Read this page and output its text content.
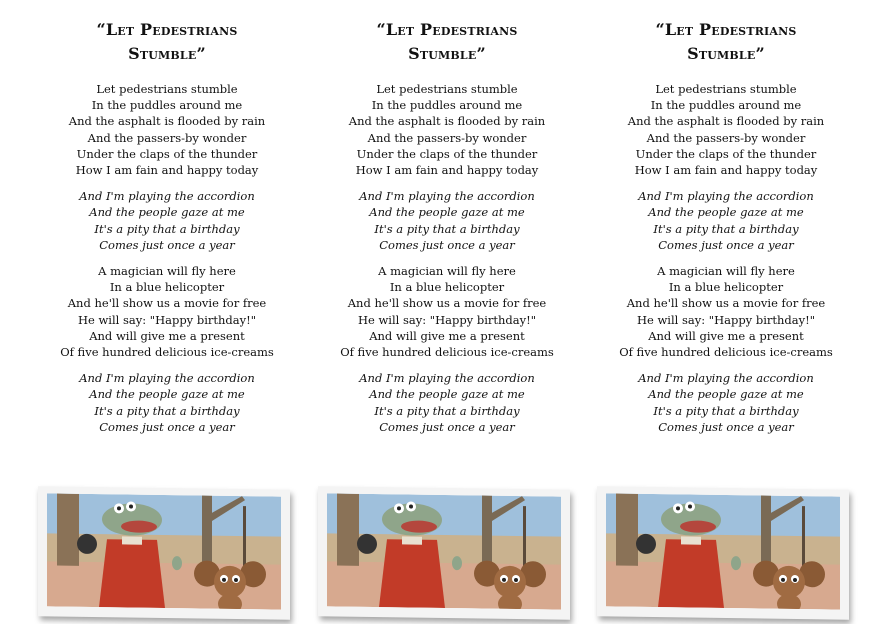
“Let Pedestrians
Stumble”
Let pedestrians stumble
In the puddles around me
And the asphalt is flooded by rain
And the passers-by wonder
Under the claps of the thunder
How I am fain and happy today
And I'm playing the accordion
And the people gaze at me
It's a pity that a birthday
Comes just once a year
A magician will fly here
In a blue helicopter
And he'll show us a movie for free
He will say: "Happy birthday!"
And will give me a present
Of five hundred delicious ice-creams
And I'm playing the accordion
And the people gaze at me
It's a pity that a birthday
Comes just once a year
“Let Pedestrians
Stumble”
Let pedestrians stumble
In the puddles around me
And the asphalt is flooded by rain
And the passers-by wonder
Under the claps of the thunder
How I am fain and happy today
And I'm playing the accordion
And the people gaze at me
It's a pity that a birthday
Comes just once a year
A magician will fly here
In a blue helicopter
And he'll show us a movie for free
He will say: "Happy birthday!"
And will give me a present
Of five hundred delicious ice-creams
And I'm playing the accordion
And the people gaze at me
It's a pity that a birthday
Comes just once a year
“Let Pedestrians
Stumble”
Let pedestrians stumble
In the puddles around me
And the asphalt is flooded by rain
And the passers-by wonder
Under the claps of the thunder
How I am fain and happy today
And I'm playing the accordion
And the people gaze at me
It's a pity that a birthday
Comes just once a year
A magician will fly here
In a blue helicopter
And he'll show us a movie for free
He will say: "Happy birthday!"
And will give me a present
Of five hundred delicious ice-creams
And I'm playing the accordion
And the people gaze at me
It's a pity that a birthday
Comes just once a year
